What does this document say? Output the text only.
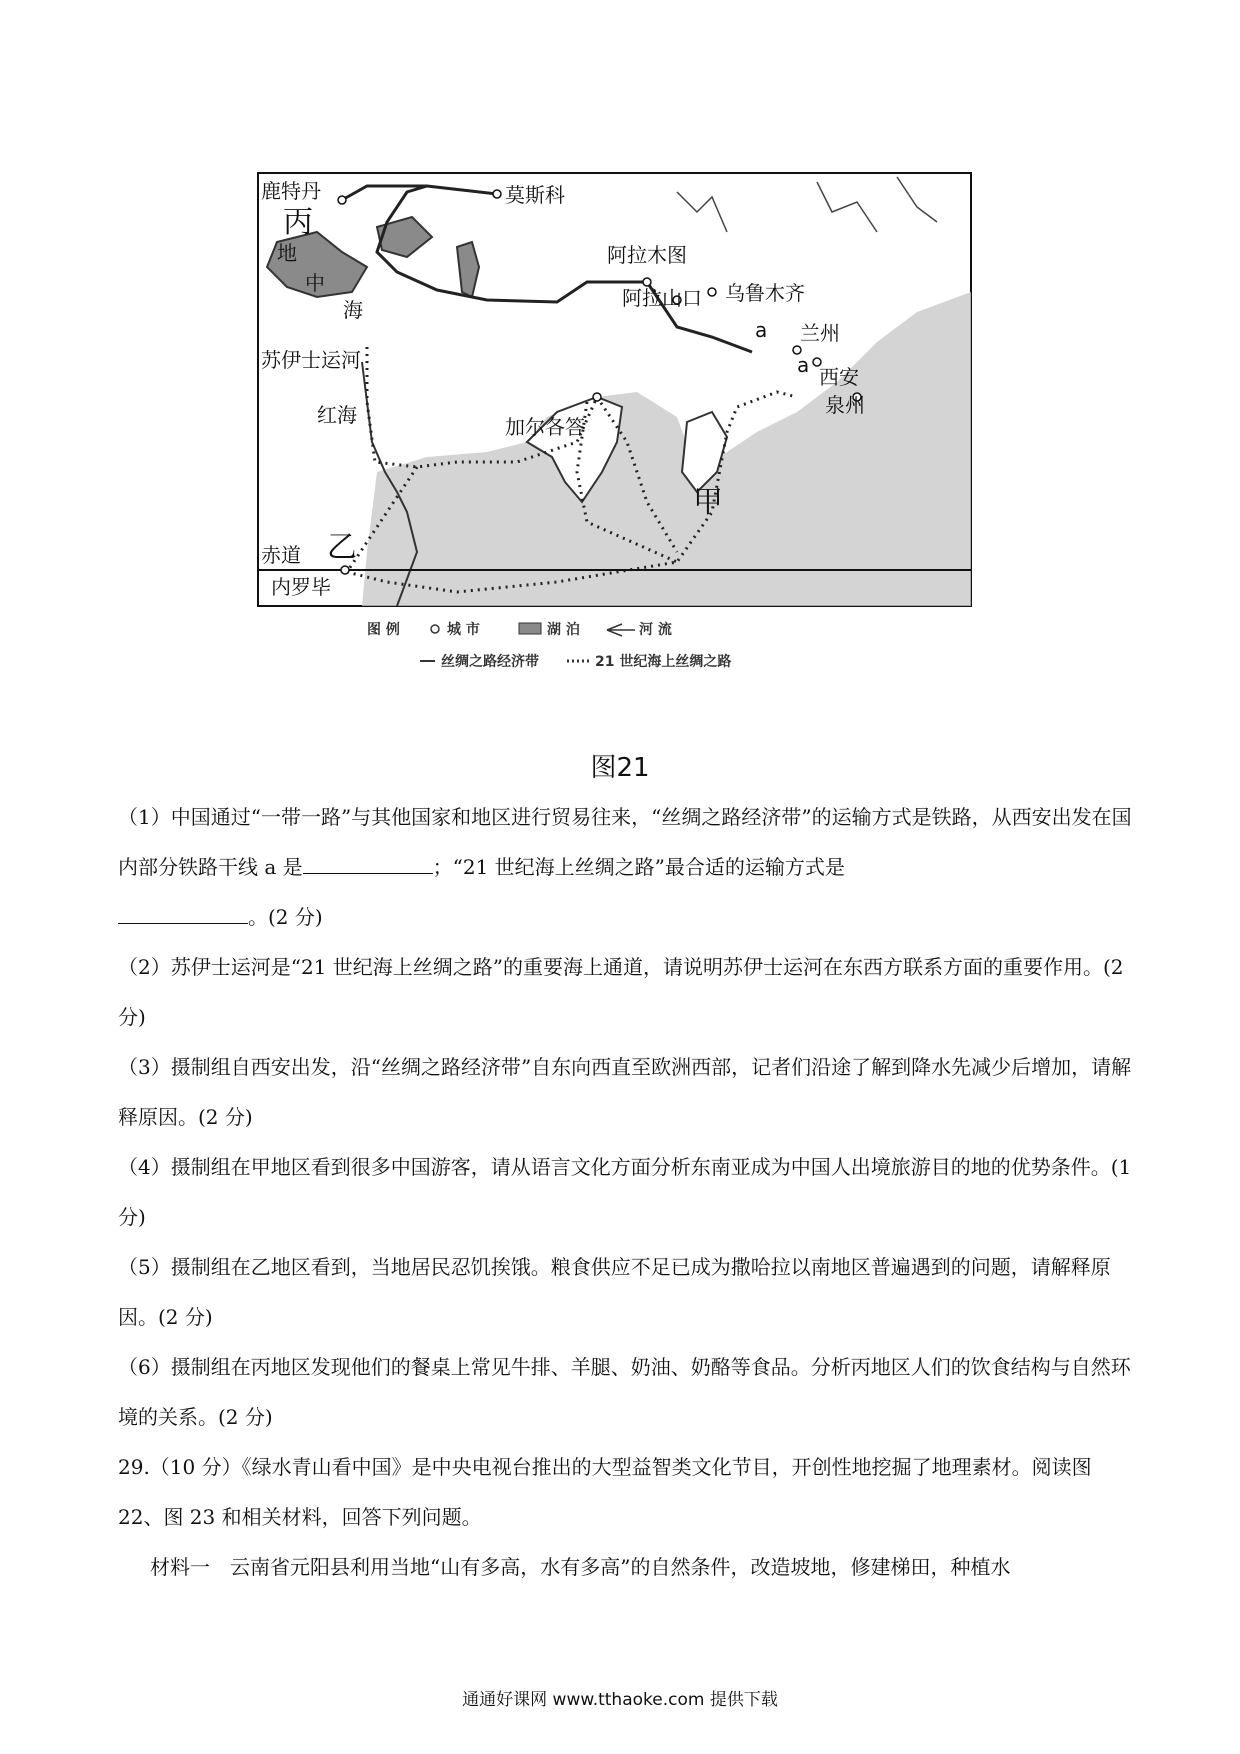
鹿特丹	莫斯科
丙
地
中
海
苏伊士运河
红海
阿拉木图
阿拉山口 乌鲁木齐
a
a
兰州
西安
泉州
加尔各答
甲
乙
赤道
内罗毕
图 例	城 市	湖 泊	河 流
丝绸之路经济带	21 世纪海上丝绸之路
图21

（1）中国通过“一带一路”与其他国家和地区进行贸易往来，“丝绸之路经济带”的运输方式是铁路，从西安出发在国内部分铁路干线 a 是	；“21 世纪海上丝绸之路”最合适的运输方式是
。(2 分)

（2）苏伊士运河是“21 世纪海上丝绸之路”的重要海上通道，请说明苏伊士运河在东西方联系方面的重要作用。(2 分)

（3）摄制组自西安出发，沿“丝绸之路经济带”自东向西直至欧洲西部，记者们沿途了解到降水先减少后增加，请解释原因。(2 分)

（4）摄制组在甲地区看到很多中国游客，请从语言文化方面分析东南亚成为中国人出境旅游目的地的优势条件。(1 分)

（5）摄制组在乙地区看到，当地居民忍饥挨饿。粮食供应不足已成为撒哈拉以南地区普遍遇到的问题，请解释原因。(2 分)

（6）摄制组在丙地区发现他们的餐桌上常见牛排、羊腿、奶油、奶酪等食品。分析丙地区人们的饮食结构与自然环境的关系。(2 分)

29.（10 分）《绿水青山看中国》是中央电视台推出的大型益智类文化节目，开创性地挖掘了地理素材。阅读图 22、图 23 和相关材料，回答下列问题。

材料一　云南省元阳县利用当地“山有多高，水有多高”的自然条件，改造坡地，修建梯田，种植水

通通好课网 www.tthaoke.com 提供下载
